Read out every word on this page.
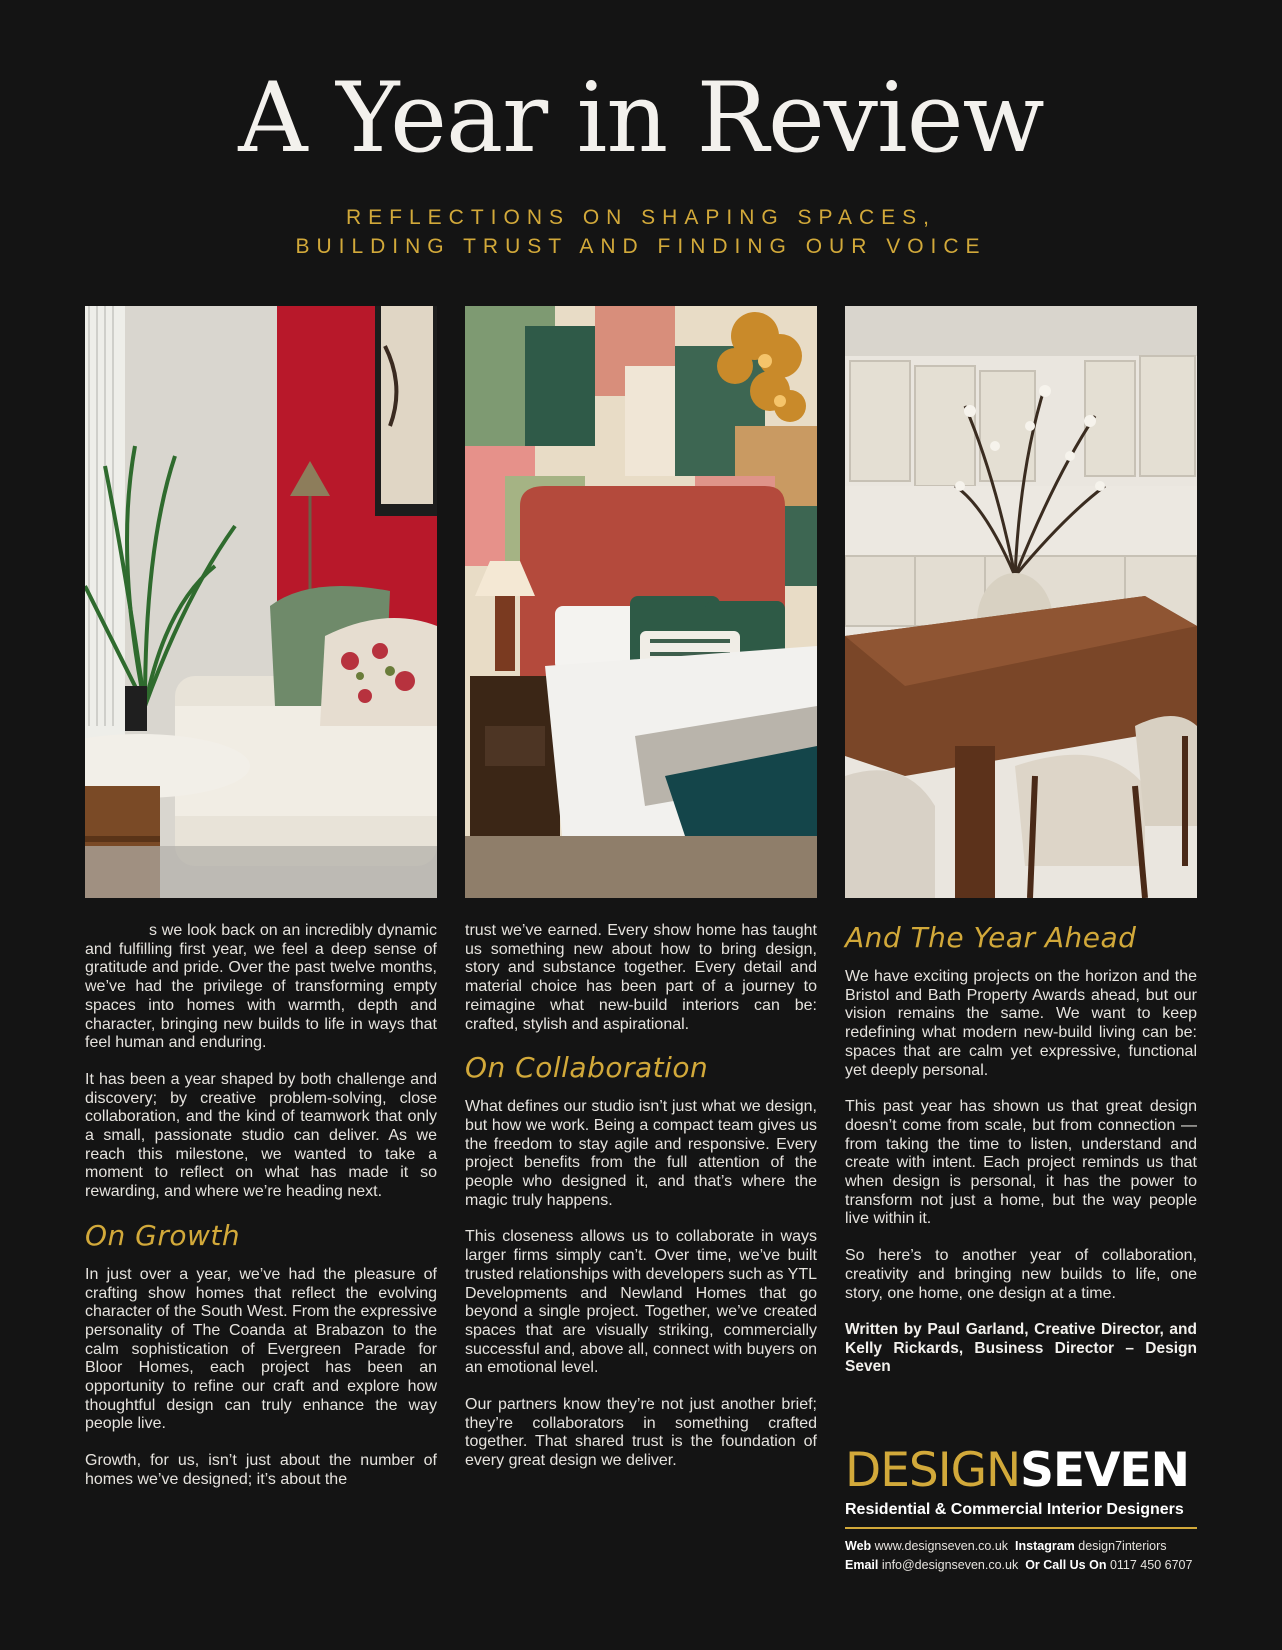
A Year in Review
REFLECTIONS ON SHAPING SPACES,
BUILDING TRUST AND FINDING OUR VOICE

s we look back on an incredibly dynamic and fulfilling first year, we feel a deep sense of gratitude and pride. Over the past twelve months, we’ve had the privilege of transforming empty spaces into homes with warmth, depth and character, bringing new builds to life in ways that feel human and enduring.

It has been a year shaped by both challenge and discovery; by creative problem-solving, close collaboration, and the kind of teamwork that only a small, passionate studio can deliver. As we reach this milestone, we wanted to take a moment to reflect on what has made it so rewarding, and where we’re heading next.

On Growth

In just over a year, we’ve had the pleasure of crafting show homes that reflect the evolving character of the South West. From the expressive personality of The Coanda at Brabazon to the calm sophistication of Evergreen Parade for Bloor Homes, each project has been an opportunity to refine our craft and explore how thoughtful design can truly enhance the way people live.

Growth, for us, isn’t just about the number of homes we’ve designed; it’s about the

trust we’ve earned. Every show home has taught us something new about how to bring design, story and substance together. Every detail and material choice has been part of a journey to reimagine what new-build interiors can be: crafted, stylish and aspirational.

On Collaboration

What defines our studio isn’t just what we design, but how we work. Being a compact team gives us the freedom to stay agile and responsive. Every project benefits from the full attention of the people who designed it, and that’s where the magic truly happens.

This closeness allows us to collaborate in ways larger firms simply can’t. Over time, we’ve built trusted relationships with developers such as YTL Developments and Newland Homes that go beyond a single project. Together, we’ve created spaces that are visually striking, commercially successful and, above all, connect with buyers on an emotional level.

Our partners know they’re not just another brief; they’re collaborators in something crafted together. That shared trust is the foundation of every great design we deliver.

And The Year Ahead

We have exciting projects on the horizon and the Bristol and Bath Property Awards ahead, but our vision remains the same. We want to keep redefining what modern new-build living can be: spaces that are calm yet expressive, functional yet deeply personal.

This past year has shown us that great design doesn’t come from scale, but from connection — from taking the time to listen, understand and create with intent. Each project reminds us that when design is personal, it has the power to transform not just a home, but the way people live within it.

So here’s to another year of collaboration, creativity and bringing new builds to life, one story, one home, one design at a time.

Written by Paul Garland, Creative Director, and Kelly Rickards, Business Director – Design Seven

DESIGNSEVEN
Residential & Commercial Interior Designers
Web www.designseven.co.uk Instagram design7interiors
Email info@designseven.co.uk Or Call Us On 0117 450 6707
